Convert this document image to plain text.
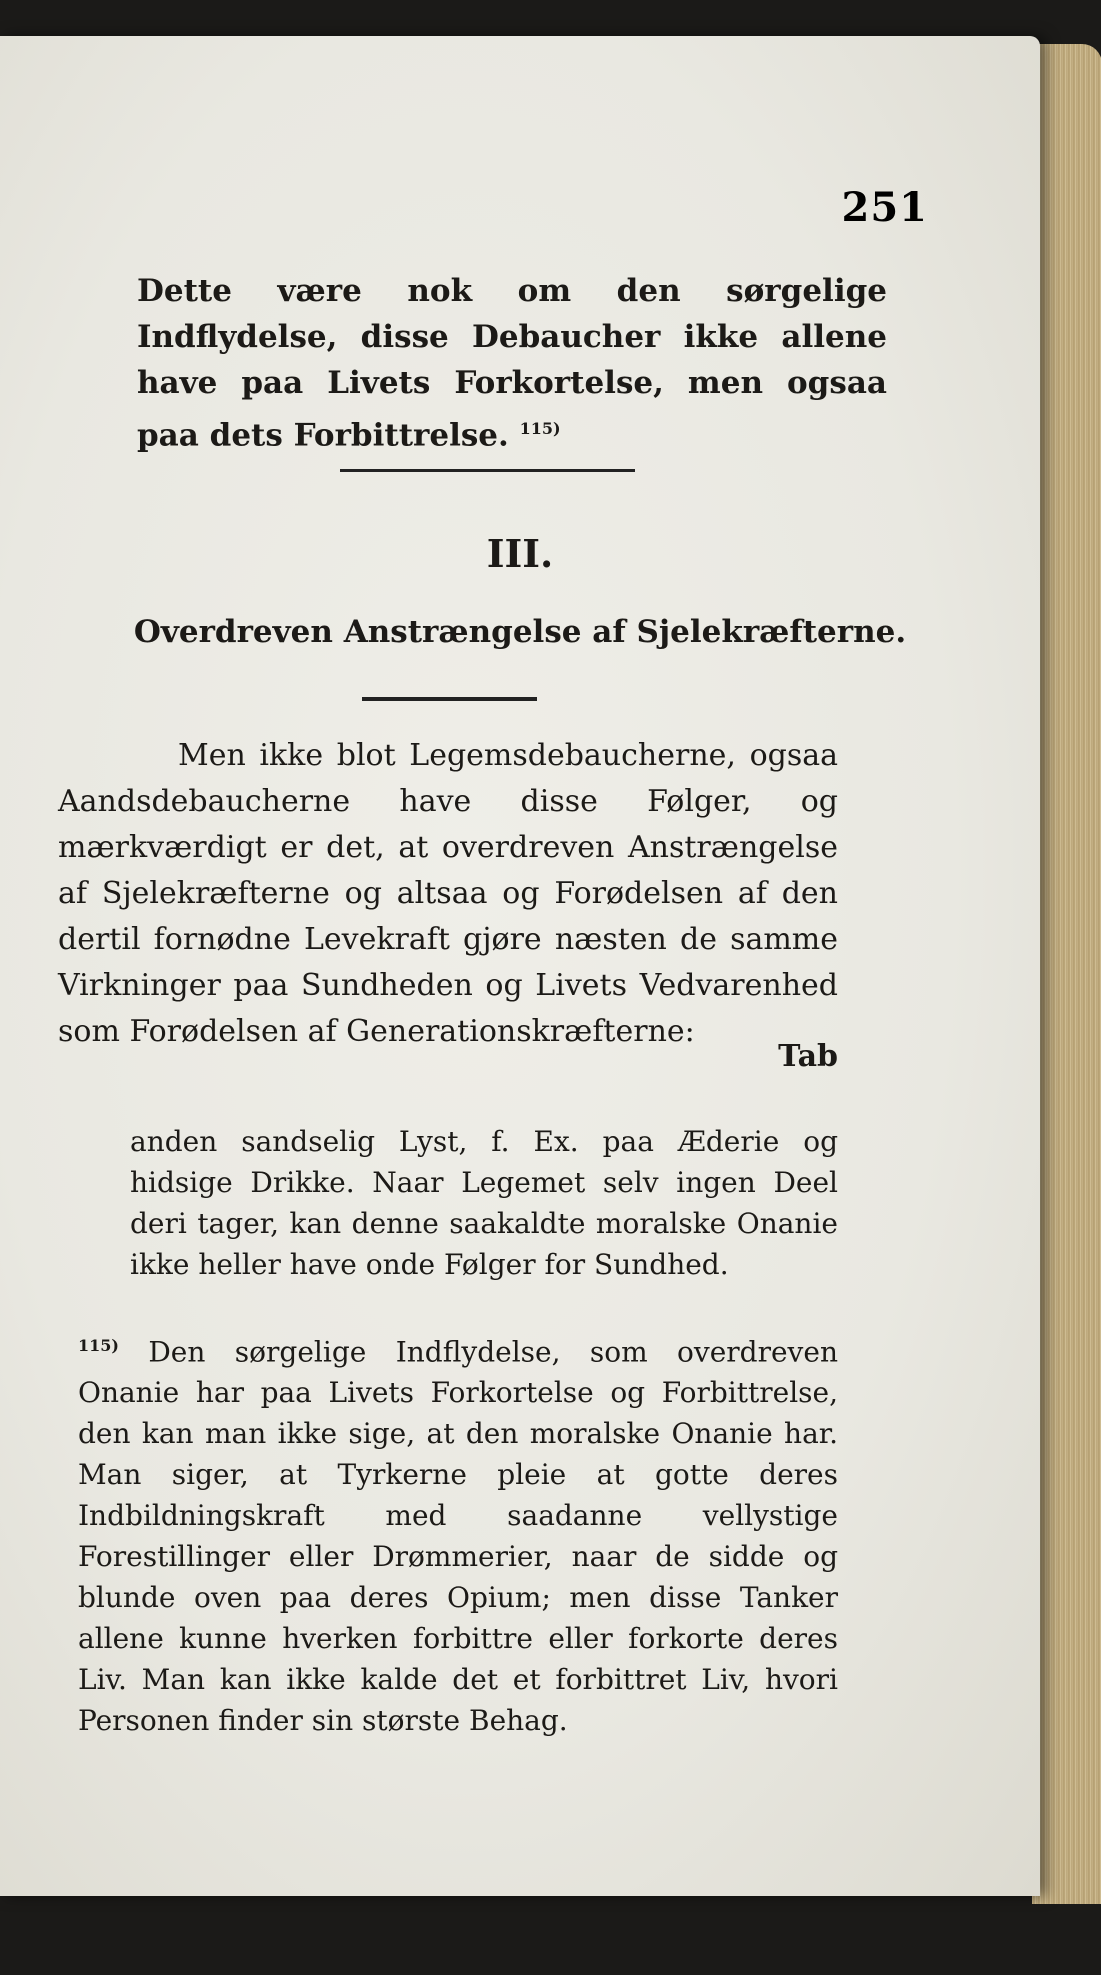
251
Dette være nok om den sørgelige Indflydelse, disse Debaucher ikke allene have paa Livets Forkortelse, men ogsaa paa dets Forbittrelse. $^{115)}$
III.
Overdreven Anstrængelse af Sjelekræfterne.
Men ikke blot Legemsdebaucherne, ogsaa Aandsdebaucherne have disse Følger, og mærkværdigt er det, at overdreven Anstrængelse af Sjelekræfterne og altsaa og Forødelsen af den dertil fornødne Levekraft gjøre næsten de samme Virkninger paa Sundheden og Livets Vedvarenhed som Forødelsen af Generationskræfterne:
Tab
anden sandselig Lyst, f. Ex. paa Æderie og hidsige Drikke. Naar Legemet selv ingen Deel deri tager, kan denne saakaldte moralske Onanie ikke heller have onde Følger for Sundhed.
$^{115)}$ Den sørgelige Indflydelse, som overdreven Onanie har paa Livets Forkortelse og Forbittrelse, den kan man ikke sige, at den moralske Onanie har. Man siger, at Tyrkerne pleie at gotte deres Indbildningskraft med saadanne vellystige Forestillinger eller Drømmerier, naar de sidde og blunde oven paa deres Opium; men disse Tanker allene kunne hverken forbittre eller forkorte deres Liv. Man kan ikke kalde det et forbittret Liv, hvori Personen finder sin største Behag.
